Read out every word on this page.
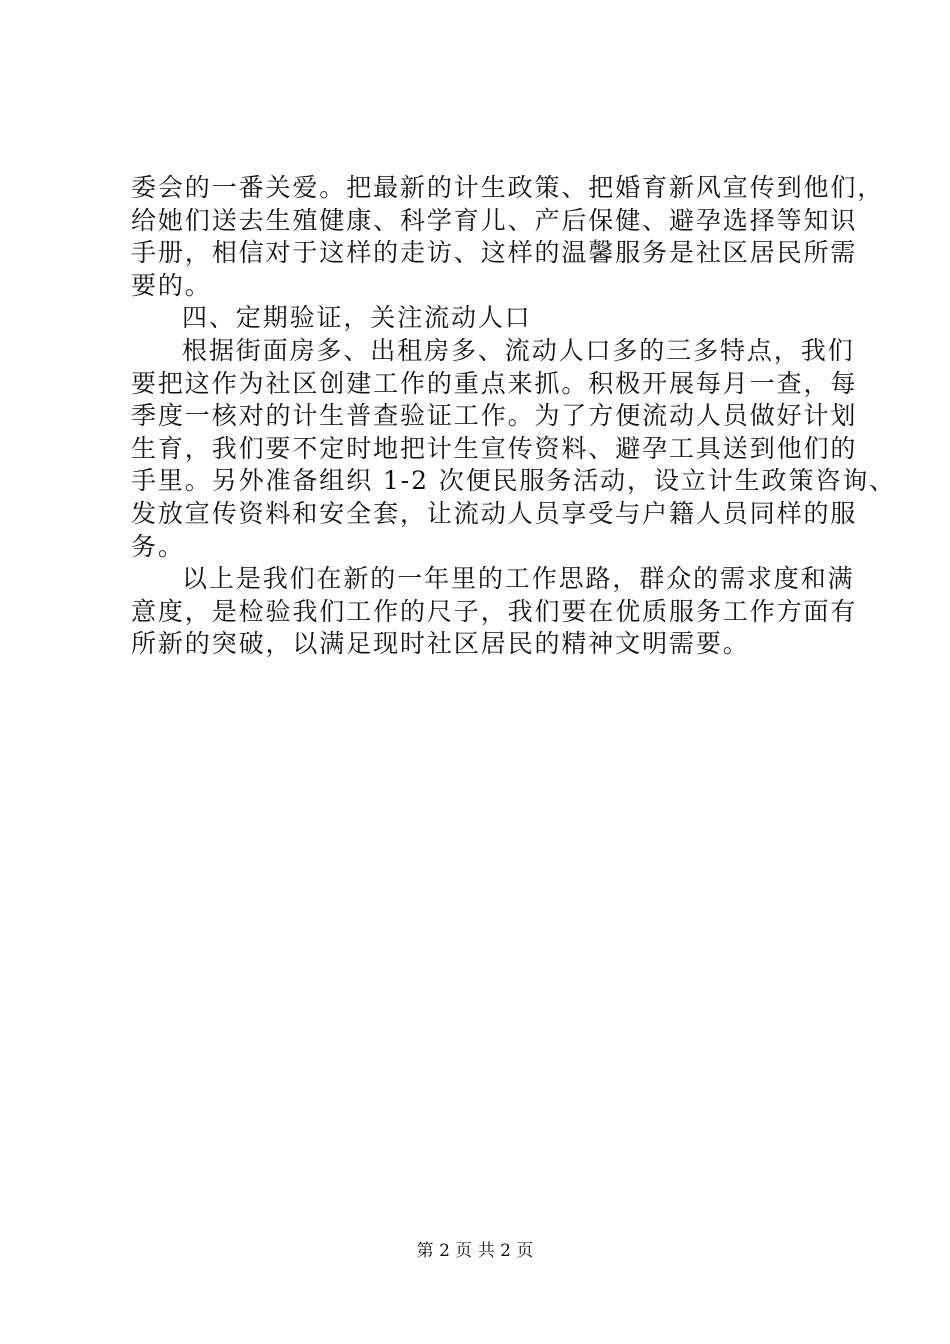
委会的一番关爱。把最新的计生政策、把婚育新风宣传到他们，
给她们送去生殖健康、科学育儿、产后保健、避孕选择等知识
手册，相信对于这样的走访、这样的温馨服务是社区居民所需
要的。
四、定期验证，关注流动人口
根据街面房多、出租房多、流动人口多的三多特点，我们
要把这作为社区创建工作的重点来抓。积极开展每月一查，每
季度一核对的计生普查验证工作。为了方便流动人员做好计划
生育，我们要不定时地把计生宣传资料、避孕工具送到他们的
手里。另外准备组织 1-2 次便民服务活动，设立计生政策咨询、
发放宣传资料和安全套，让流动人员享受与户籍人员同样的服
务。
以上是我们在新的一年里的工作思路，群众的需求度和满
意度，是检验我们工作的尺子，我们要在优质服务工作方面有
所新的突破，以满足现时社区居民的精神文明需要。
第 2 页 共 2 页
